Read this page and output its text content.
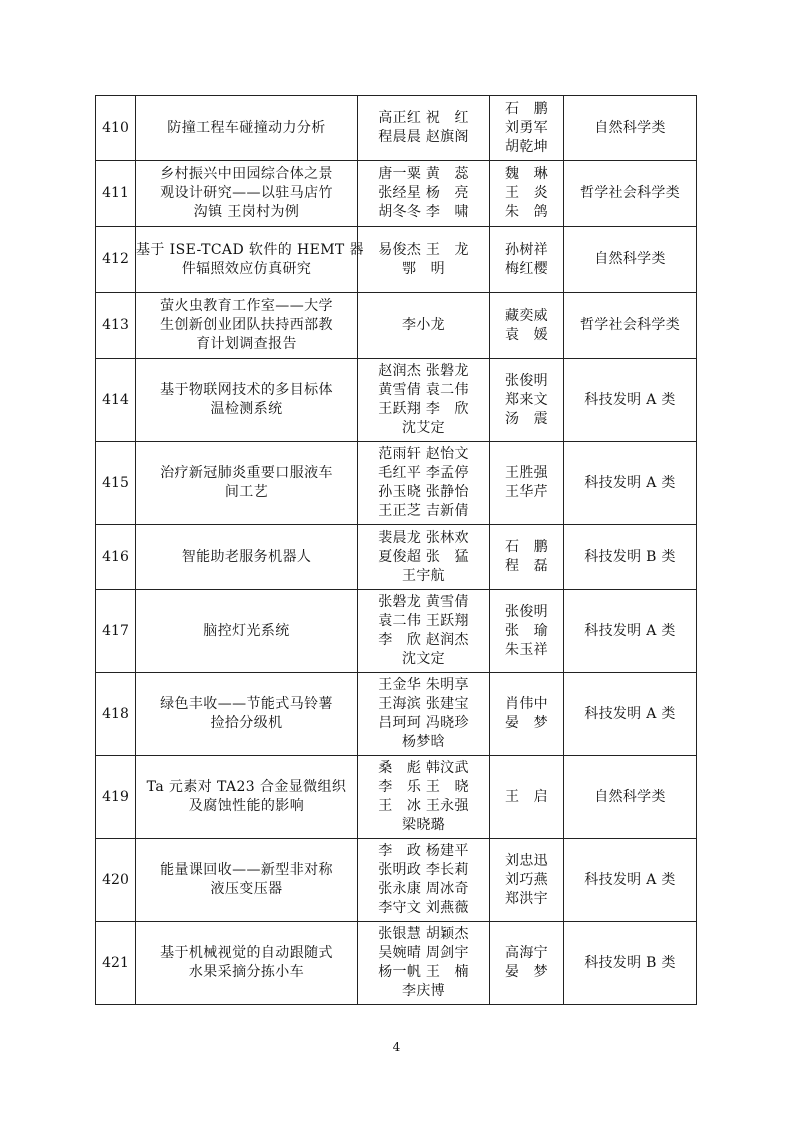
410	防撞工程车碰撞动力分析	高正红 祝　红
程晨晨 赵旗阁	石　鹏
刘勇军
胡乾坤	自然科学类
411	乡村振兴中田园综合体之景
观设计研究——以驻马店竹
沟镇 王岗村为例	唐一粟 黄　蕊
张经星 杨　亮
胡冬冬 李　啸	魏　琳
王　炎
朱　鸽	哲学社会科学类
412	基于 ISE-TCAD 软件的 HEMT 器
件辐照效应仿真研究	易俊杰 王　龙
鄂　明	孙树祥
梅红樱	自然科学类
413	萤火虫教育工作室——大学
生创新创业团队扶持西部教
育计划调查报告	李小龙	藏奕威
袁　媛	哲学社会科学类
414	基于物联网技术的多目标体
温检测系统	赵润杰 张磐龙
黄雪倩 袁二伟
王跃翔 李　欣
沈艾定	张俊明
郑来文
汤　震	科技发明 A 类
415	治疗新冠肺炎重要口服液车
间工艺	范雨轩 赵怡文
毛红平 李孟停
孙玉晓 张静怡
王正芝 吉新倩	王胜强
王华芹	科技发明 A 类
416	智能助老服务机器人	裴晨龙 张林欢
夏俊超 张　猛
王宇航	石　鹏
程　磊	科技发明 B 类
417	脑控灯光系统	张磐龙 黄雪倩
袁二伟 王跃翔
李　欣 赵润杰
沈文定	张俊明
张　瑜
朱玉祥	科技发明 A 类
418	绿色丰收——节能式马铃薯
捡拾分级机	王金华 朱明享
王海滨 张建宝
吕珂珂 冯晓珍
杨梦晗	肖伟中
晏　梦	科技发明 A 类
419	Ta 元素对 TA23 合金显微组织
及腐蚀性能的影响	桑　彪 韩汶武
李　乐 王　晓
王　冰 王永强
梁晓璐	王　启	自然科学类
420	能量课回收——新型非对称
液压变压器	李　政 杨建平
张明政 李长莉
张永康 周冰奇
李守文 刘燕薇	刘忠迅
刘巧燕
郑洪宇	科技发明 A 类
421	基于机械视觉的自动跟随式
水果采摘分拣小车	张银慧 胡颖杰
吴婉晴 周剑宇
杨一帆 王　楠
李庆博	高海宁
晏　梦	科技发明 B 类
4
